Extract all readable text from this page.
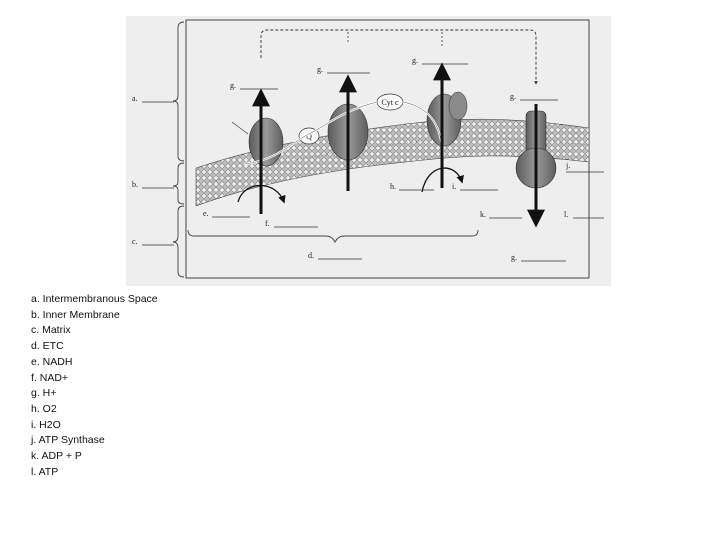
Q
Cyt c
a.
b.
c.
g.
g.
g.
g.
g.
e.
f.
h.	i.
j.
k.	l.
d.
a. Intermembranous Space
b. Inner Membrane
c. Matrix
d. ETC
e. NADH
f. NAD+
g. H+
h. O2
i. H2O
j. ATP Synthase
k. ADP + P
l. ATP
